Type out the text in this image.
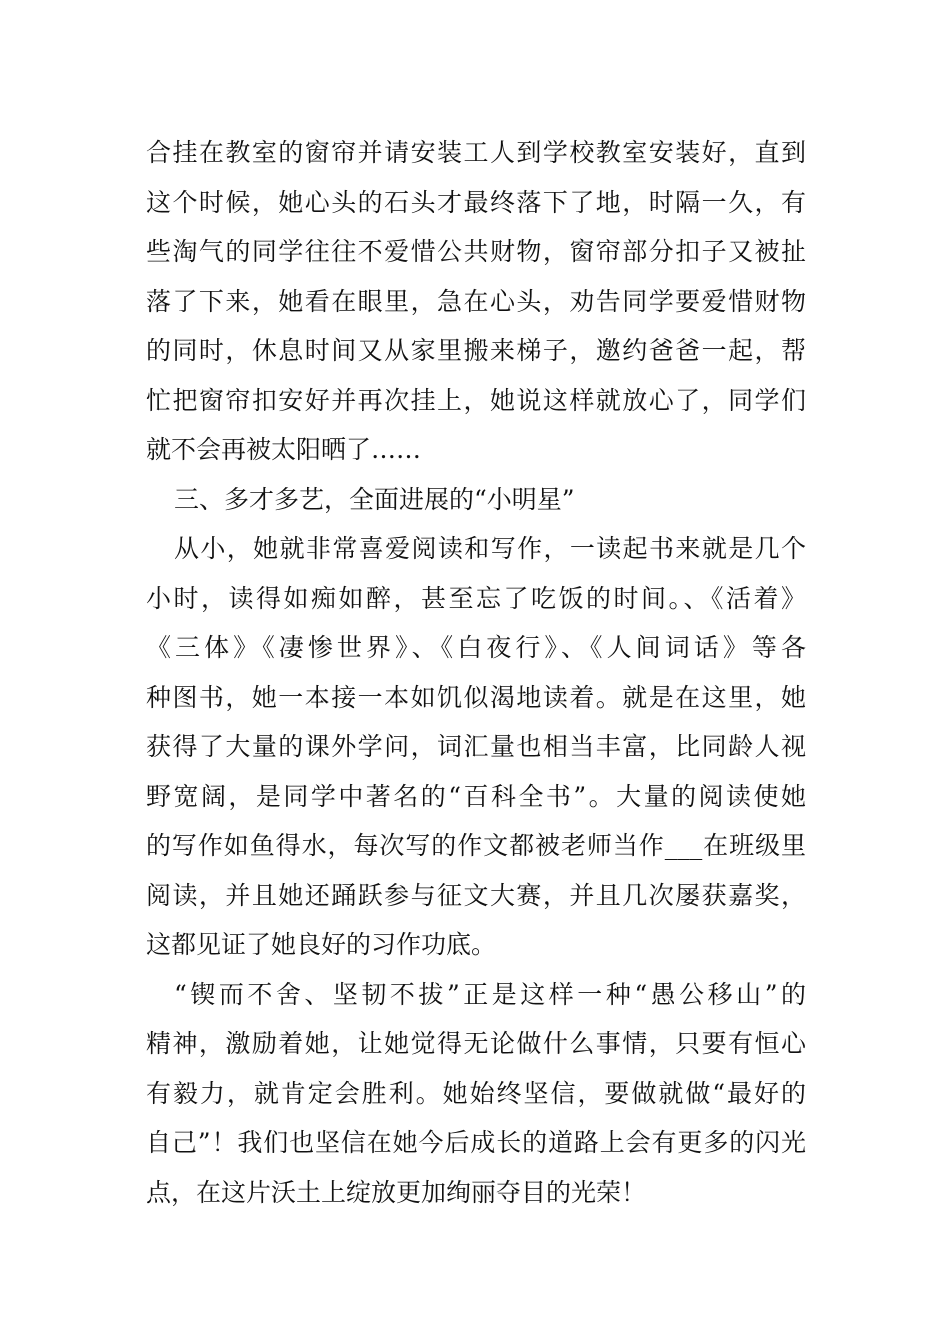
合挂在教室的窗帘并请安装工人到学校教室安装好，直到
这个时候，她心头的石头才最终落下了地，时隔一久，有
些淘气的同学往往不爱惜公共财物，窗帘部分扣子又被扯
落了下来，她看在眼里，急在心头，劝告同学要爱惜财物
的同时，休息时间又从家里搬来梯子，邀约爸爸一起，帮
忙把窗帘扣安好并再次挂上，她说这样就放心了，同学们
就不会再被太阳晒了……
三、多才多艺，全面进展的“小明星”
从小，她就非常喜爱阅读和写作，一读起书来就是几个
小时，读得如痴如醉，甚至忘了吃饭的时间。、《活着》
《三体》《凄惨世界》、《白夜行》、《人间词话》等各
种图书，她一本接一本如饥似渴地读着。就是在这里，她
获得了大量的课外学问，词汇量也相当丰富，比同龄人视
野宽阔，是同学中著名的“百科全书”。大量的阅读使她
的写作如鱼得水，每次写的作文都被老师当作___在班级里
阅读，并且她还踊跃参与征文大赛，并且几次屡获嘉奖，
这都见证了她良好的习作功底。
“锲而不舍、坚韧不拔”正是这样一种“愚公移山”的
精神，激励着她，让她觉得无论做什么事情，只要有恒心
有毅力，就肯定会胜利。她始终坚信，要做就做“最好的
自己”！我们也坚信在她今后成长的道路上会有更多的闪光
点，在这片沃土上绽放更加绚丽夺目的光荣！
